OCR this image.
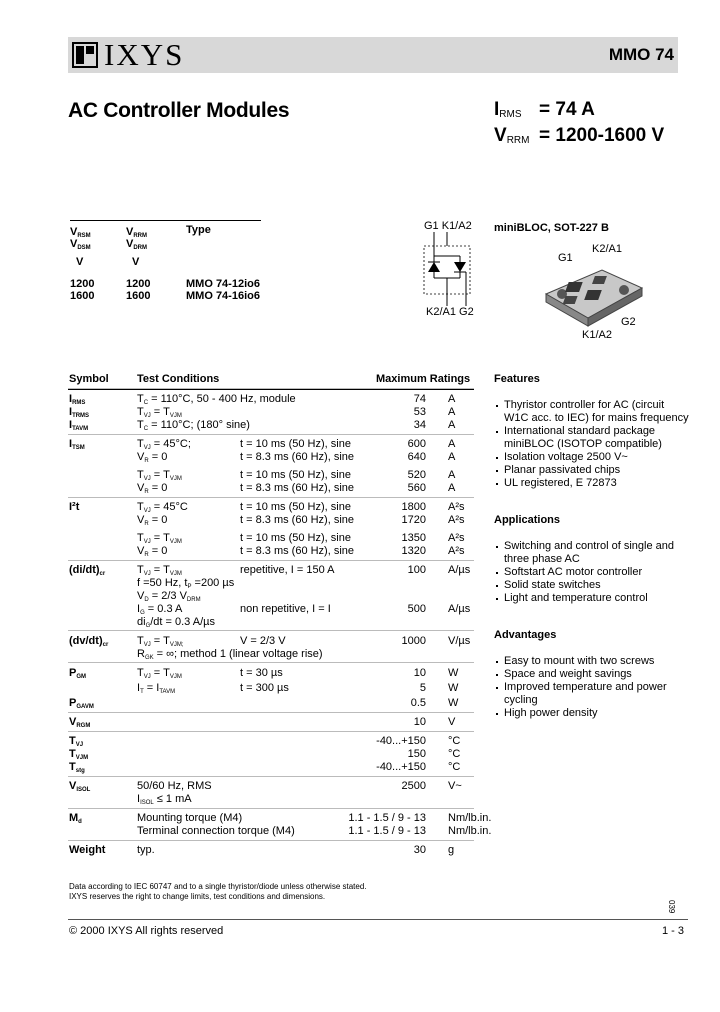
IXYS	MMO 74
AC Controller Modules	$I_{RMS} = 74$ A
$V_{RRM} = 1200-1600$ V
$V_{RSM}$
$V_{DSM}$
V
$V_{RRM}$
$V_{DRM}$
V
Type
1200	1200	MMO 74-12io6
1600	1600	MMO 74-16io6
G1 K1/A2
K2/A1 G2
miniBLOC, SOT-227 B
G1
K2/A1
K1/A2
G2
Symbol	Test Conditions	Maximum Ratings
$I_{RMS}$	$T_C = 110^\circ C$, 50 - 400 Hz, module	74 A
$I_{TRMS}$	$T_{VJ} = T_{VJM}$	53 A
$I_{TAVM}$	$T_C = 110^\circ C$; (180° sine)	34 A
$I_{TSM}$	$T_{VJ} = 45^\circ C$;	t = 10 ms (50 Hz), sine	600 A
$V_R = 0$	t = 8.3 ms (60 Hz), sine	640 A
$T_{VJ} = T_{VJM}$	t = 10 ms (50 Hz), sine	520 A
$V_R = 0$	t = 8.3 ms (60 Hz), sine	560 A
I²t	$T_{VJ} = 45^\circ C$	t = 10 ms (50 Hz), sine	1800 A²s
$V_R = 0$	t = 8.3 ms (60 Hz), sine	1720 A²s
$T_{VJ} = T_{VJM}$	t = 10 ms (50 Hz), sine	1350 A²s
$V_R = 0$	t = 8.3 ms (60 Hz), sine	1320 A²s
$(di/dt)_{cr}$	$T_{VJ} = T_{VJM}$	repetitive, I = 150 A	100 A/µs
f =50 Hz, $t_P =200$ µs
$V_D = 2/3$ $V_{DRM}$
$I_G = 0.3$ A	non repetitive, I = I	500 A/µs
$di_G/dt = 0.3$ A/µs
$(dv/dt)_{cr}$	$T_{VJ} = T_{VJM;}$	V = 2/3 V	1000 V/µs
$R_{GK}$ = ∞; method 1 (linear voltage rise)
$P_{GM}$	$T_{VJ} = T_{VJM}$	t = 30 µs	10 W
$I_T = I_{TAVM}$	t = 300 µs	5 W
$P_{GAVM}$	0.5 W
$V_{RGM}$	10 V
$T_{VJ}$	-40...+150 °C
$T_{VJM}$	150 °C
$T_{stg}$	-40...+150 °C
$V_{ISOL}$	50/60 Hz, RMS	2500 V~
$I_{ISOL} \le 1$ mA
$M_d$	Mounting torque (M4)	1.1 - 1.5 / 9 - 13 Nm/lb.in.
Terminal connection torque (M4)	1.1 - 1.5 / 9 - 13 Nm/lb.in.
Weight	typ.	30 g
Features
Thyristor controller for AC (circuit
W1C acc. to IEC) for mains frequency
International standard package
miniBLOC (ISOTOP compatible)
Isolation voltage 2500 V~
Planar passivated chips
UL registered, E 72873
Applications
Switching and control of single and
three phase AC
Softstart AC motor controller
Solid state switches
Light and temperature control
Advantages
Easy to mount with two screws
Space and weight savings
Improved temperature and power
cycling
High power density
Data according to IEC 60747 and to a single thyristor/diode unless otherwise stated.
IXYS reserves the right to change limits, test conditions and dimensions.
039
© 2000 IXYS All rights reserved	1 - 3
